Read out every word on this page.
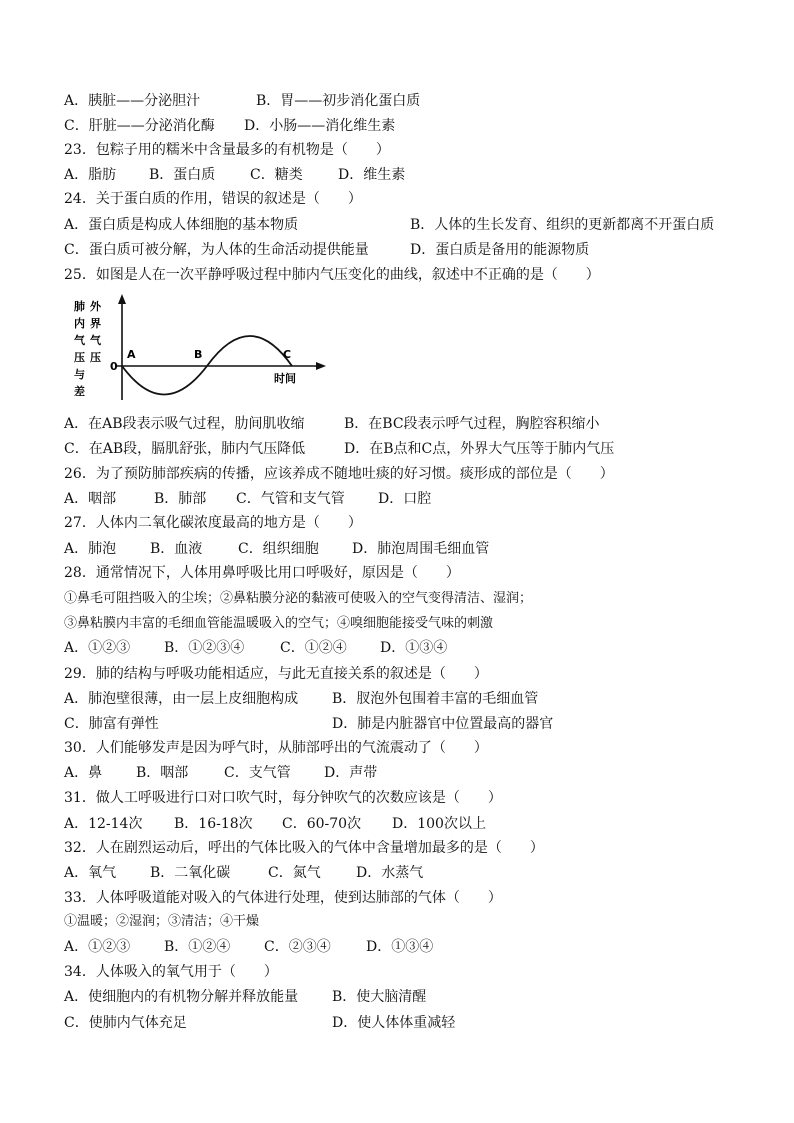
A．胰脏——分泌胆汁	B．胃——初步消化蛋白质
C．肝脏——分泌消化酶 D．小肠——消化维生素
23．包粽子用的糯米中含量最多的有机物是（　　）
A．脂肪 B．蛋白质 C．糖类	D．维生素
24．关于蛋白质的作用，错误的叙述是（　　）
A．蛋白质是构成人体细胞的基本物质	B．人体的生长发育、组织的更新都离不开蛋白质
C．蛋白质可被分解，为人体的生命活动提供能量	D．蛋白质是备用的能源物质
25．如图是人在一次平静呼吸过程中肺内气压变化的曲线，叙述中不正确的是（　　）
肺
内
气
压
与
差
外
界
气
压
0
A	B	C
时间
A．在AB段表示吸气过程，肋间肌收缩	B．在BC段表示呼气过程，胸腔容积缩小
C．在AB段，膈肌舒张，肺内气压降低	D．在B点和C点，外界大气压等于肺内气压
26．为了预防肺部疾病的传播，应该养成不随地吐痰的好习惯。痰形成的部位是（　　）
A．咽部	B．肺部 C．气管和支气管 D．口腔
27．人体内二氧化碳浓度最高的地方是（　　）
A．肺泡 B．血液	C．组织细胞 D．肺泡周围毛细血管
28．通常情况下，人体用鼻呼吸比用口呼吸好，原因是（　　）
①鼻毛可阻挡吸入的尘埃；②鼻粘膜分泌的黏液可使吸入的空气变得清洁、湿润；
③鼻粘膜内丰富的毛细血管能温暖吸入的空气；④嗅细胞能接受气味的刺激
A．①②③ B．①②③④	C．①②④ D．①③④
29．肺的结构与呼吸功能相适应，与此无直接关系的叙述是（　　）
A．肺泡壁很薄，由一层上皮细胞构成 B．肞泡外包围着丰富的毛细血管
C．肺富有弹性	D．肺是内脏器官中位置最高的器官
30．人们能够发声是因为呼气时，从肺部呼出的气流震动了（　　）
A．鼻 B．咽部	C．支气管 D．声带
31．做人工呼吸进行口对口吹气时，每分钟吹气的次数应该是（　　）
A．12-14次 B．16-18次 C．60-70次 D．100次以上
32．人在剧烈运动后，呼出的气体比吸入的气体中含量增加最多的是（　　）
A．氧气 B．二氧化碳	C．氮气	D．水蒸气
33．人体呼吸道能对吸入的气体进行处理，使到达肺部的气体（　　）
①温暖；②湿润；③清洁；④干燥
A．①②③ B．①②④ C．②③④	D．①③④
34．人体吸入的氧气用于（　　）
A．使细胞内的有机物分解并释放能量 B．使大脑清醒
C．使肺内气体充足	D．使人体体重减轻
